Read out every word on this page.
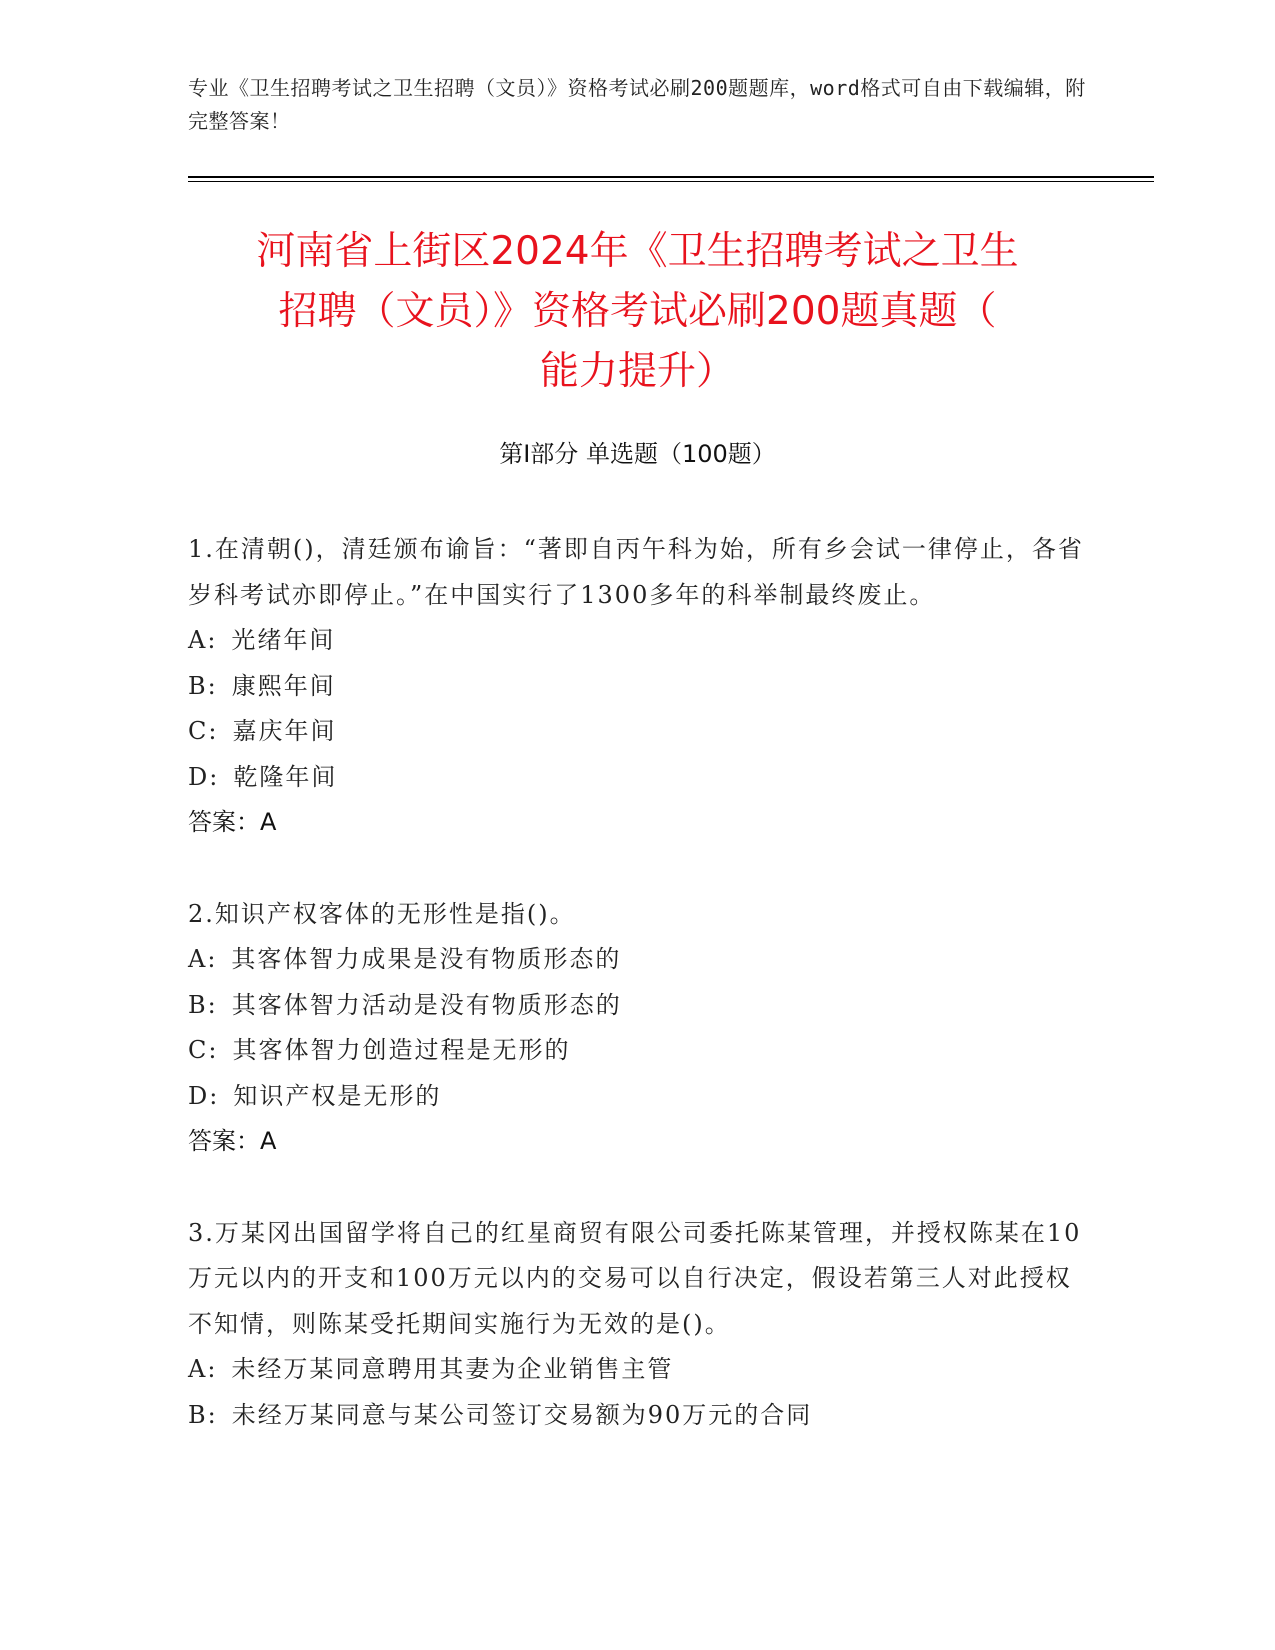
专业《卫生招聘考试之卫生招聘（文员）》资格考试必刷200题题库，word格式可自由下载编辑，附完整答案！
河南省上街区2024年《卫生招聘考试之卫生
招聘（文员）》资格考试必刷200题真题（
能力提升）
第I部分 单选题（100题）
1.在清朝()，清廷颁布谕旨：“著即自丙午科为始，所有乡会试一律停止，各省岁科考试亦即停止。”在中国实行了1300多年的科举制最终废止。
A: 光绪年间
B: 康熙年间
C: 嘉庆年间
D: 乾隆年间
答案：A
2.知识产权客体的无形性是指()。
A: 其客体智力成果是没有物质形态的
B: 其客体智力活动是没有物质形态的
C: 其客体智力创造过程是无形的
D: 知识产权是无形的
答案：A
3.万某冈出国留学将自己的红星商贸有限公司委托陈某管理，并授权陈某在10万元以内的开支和100万元以内的交易可以自行决定，假设若第三人对此授权不知情，则陈某受托期间实施行为无效的是()。
A: 未经万某同意聘用其妻为企业销售主管
B: 未经万某同意与某公司签订交易额为90万元的合同
